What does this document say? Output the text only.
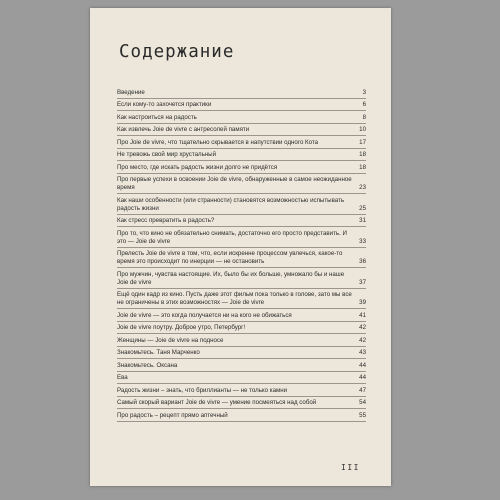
Содержание
Введение	3
Если кому-то захочется практики	6
Как настроиться на радость	8
Как извлечь Joie de vivre с антресолей памяти	10
Про Joie de vivre, что тщательно скрывается в напутствии одного Кота	17
Не тревожь свой мир хрустальный	18
Про место, где искать радость жизни долго не придётся	18
Про первые успехи в освоении Joie de vivre, обнаруженные в самое неожиданное время	23
Как наши особенности (или странности) становятся возможностью испытывать радость жизни	25
Как стресс превратить в радость?	31
Про то, что кино не обязательно снимать, достаточно его просто представить. И это — Joie de vivre	33
Прелесть Joie de vivre в том, что, если искренне процессом увлечься, какое-то время это происходит по инерции — не остановить	36
Про мужчин, чувства настоящие. Их, было бы их больше, умножало бы и наше Joie de vivre	37
Ещё один кадр из кино. Пусть даже этот фильм пока только в голове, зато мы все не ограничены в этих возможностях — Joie de vivre	39
Joie de vivre — это когда получается ни на кого не обижаться	41
Joie de vivre поутру. Доброе утро, Петербург!	42
Женщины — Joie de vivre на подносе	42
Знакомьтесь. Таня Марченко	43
Знакомьтесь. Оксана	44
Ева	44
Радость жизни – знать, что бриллианты — не только камни	47
Самый скорый вариант Joie de vivre — умение посмеяться над собой	54
Про радость – рецепт прямо аптечный	55
III
